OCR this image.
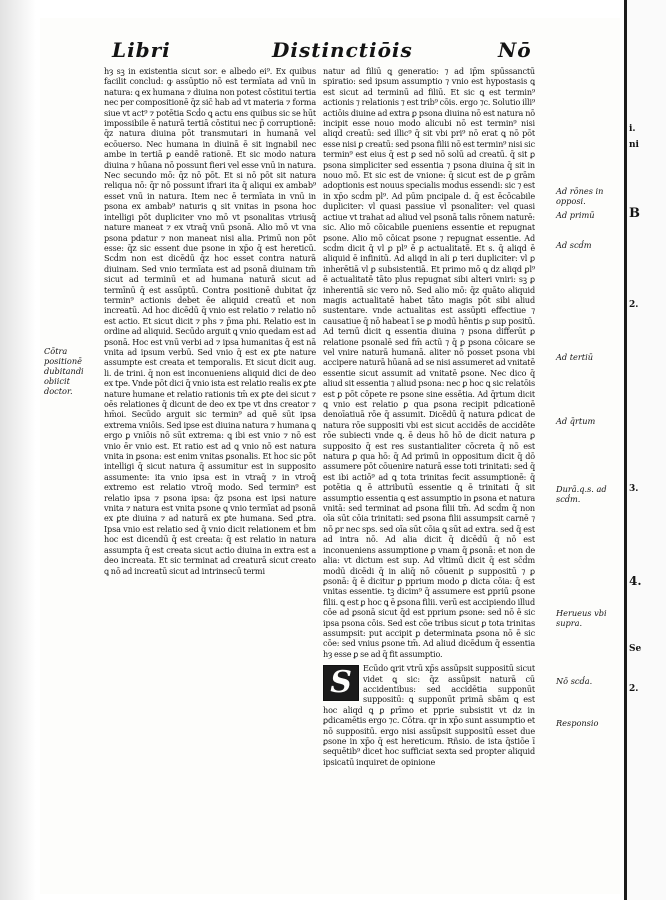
Libri	Distinctiōis	Nō
Cōtra positionē dubitandi obiicit doctor.

hȝ sꝫ in existentia sicut sor. e albedo ei⁹. Ex quibus facilit conclud: ꝙ assūptio nō est termīata ad vnū in natura: ꝗ ex humana ⁊ diuina non potest cōstitui tertia nec per compositionē q̄z sic̄ hab ad vt materia ⁊ forma siue vt act⁹ ⁊ potētia Scḋo ꝗ actu ens quibus sic se hūt impossibile ē naturā tertiā cōstitui nec p̄ corruptionē: q̄z natura diuina pōt transmutari in humanā vel ecōuerso. Nec humana in diuinā ē sit ingnabil nec ambe in tertiā ꝑ eandē rationē. Et sic modo natura diuina ⁊ hūana nō possunt fieri vel esse vnū in natura. Nec secundo mō: q̄z nō pōt. Et si nō pōt sit natura reliqua nō: q̄r nō possunt ifrari ita q̄ aliqui ex ambab⁹ esset vnū in natura. Item nec ē termīata in vnū in psona ex ambab⁹ naturis ꝗ sit vnitas in psona hoc intelligi pōt dupliciter vno mō vt psonalitas vtriusq̄ nature maneat ⁊ ex vtraq̄ vnū psonā. Alio mō vt vna psona pdatur ⁊ non maneat nisi alia. Primū non pōt esse: q̄z sic essent due psone in xp̄o q̄ est hereticū. Scḋm non est dicēdū q̄z hoc esset contra naturā diuinam. Sed vnio termīata est ad psonā diuinam tm̄ sicut ad terminū et ad humana naturā sicut ad termīnū q̄ est assūptū. Contra positionē dubitat q̄z termin⁹ actionis debet ēe aliquid creatū et non increatū. Ad hoc dicēdū q̄ vnio est relatio ⁊ relatio nō est actio. Et sicut dicit ⁊ phs ⁊ p̄ma phi. Relatio est in ordine ad aliquid. Secūdo arguit ꝗ vnio quedam est ad psonā. Hoc est vnū verbi ad ⁊ ipsa humanitas q̄ est nā vnita ad ipsum verbū. Sed vnio q̄ est ex ꝑte nature assumpte est creata et temporalis. Et sicut dicit aug. li. de trini. q̄ non est inconueniens aliquid dici de deo ex tpe. Vnde pōt dici q̄ vnio ista est relatio realis ex ꝑte nature humane et relatio rationis tm̄ ex ꝑte dei sicut ⁊ oēs relationes q̄ dicunt de deo ex tpe vt dns creator ⁊ hm̄oi. Secūdo arguit sic termin⁹ ad quē sūt ipsa extrema vniōis. Sed ipse est diuina natura ⁊ humana ꝗ ergo ꝑ vniōis nō sūt extrema: ꝗ ibi est vnio ⁊ nō est vnio ēr vnio est. Et ratio est ad ꝗ vnio nō est natura vnita in ꝑsona: est enim vnitas ꝑsonalis. Et hoc sic pōt intelligi q̄ sicut natura q̄ assumitur est in supposito assumente: ita vnio ipsa est in vtraq̄ ⁊ in vtroq̄ extremo est relatio vtroq̄ modo. Sed termin⁹ est relatio ipsa ⁊ psona ipsa: q̄z psona est ipsi nature vnita ⁊ natura est vnita psone ꝗ vnio termīat ad psonā ex ꝑte diuina ⁊ ad naturā ex ꝑte humana. Sed ꝓtra. Ipsa vnio est relatio sed q̄ vnio dicit relationem et ḃm hoc est dicendū q̄ est creata: q̄ est relatio in natura assumpta q̄ est creata sicut actio diuina in extra est a deo increata. Et sic terminat ad creaturā sicut creato ꝗ nō ad increatū sicut ad intrinsecū termi

natur ad filiū ꝗ generatio: ⁊ ad ip̄m spūssanctū spiratio: sed ipsum assumptio ⁊ vnio est hypostasis ꝗ est sicut ad terminū ad filiū. Et sic ꝗ est termin⁹ actionis ⁊ relationis ⁊ est trib⁹ cōis. ergo ⁊c. Solutio illi⁹ actiōis diuine ad extra ꝑ psona diuina nō est natura nō incipit esse nouo modo alicubi nō est termin⁹ nisi aliqd creatū: sed illic⁹ q̄ sit vbi pri⁹ nō erat ꝗ nō pōt esse nisi ꝑ creatū: sed psona filii nō est termin⁹ nisi sic termin⁹ est eius q̄ est ꝑ sed nō solū ad creatū. q̄ sit ꝑ psona simpliciter sed essentia ⁊ psona diuina q̄ sit in nouo mō. Et sic est de vnione: q̄ sicut est de ꝑ grām adoptionis est nouus specialis modus essendi: sic ⁊ est in xp̄o scḋm pl⁹. Ad pūm pncipale d. q̄ est ēcōcabile dupliciter: vl quasi passiue vl psonaliter: vel quasi actiue vt trahat ad aliud vel psonā talis rōnem naturē: sic. Alio mō cōicabile ꝑueniens essentie et repugnat psone. Alio mō cōicat psone ⁊ repugnat essentie. Ad scḋm dicit q̄ vl ꝑ pl⁹ ē ꝑ actualitatē. Et s. q̄ aliqd ē aliquid ē infinitū. Ad aliqd in ali ꝑ teri dupliciter: vl ꝑ inherētiā vl ꝑ subsistentiā. Et primo mō ꝗ dz aliqd ꝑl⁹ ē actualitatē tāto plus repugnat sibi alteri vniri: sꝫ ꝑ inherentiā sic vero nō. Sed alio mō: q̄z quāto aliquid magis actualitatē habet tāto magis pōt sibi aliud sustentare. vnde actualitas est assūpti effectiue ⁊ causatiue q̄ nō habeat ī se ꝑ modū hēntis ꝑ sup positū. Ad ternū dicit ꝗ essentia diuina ⁊ psona differūt ꝑ relatione psonalē sed fm̄ actū ⁊ q̄ ꝑ psona cōicare se vel vnire naturā humanā. aliter nō posset psona vbi accipere naturā hūanā ad se nisi assumeret ad vnitatē essentie sicut assumit ad vnitatē ꝑsone. Nec dico q̄ aliud sit essentia ⁊ aliud psona: nec ꝑ hoc ꝗ sic relatōis est ꝑ pōt cōpete re psone sine essētia. Ad q̄rtum dicit ꝗ vnio est relatio ꝑ qua ꝑsona recipit pdicationē denoīatiuā rōe q̄ assumit. Dicēdū q̄ natura ꝑdicat de natura rōe suppositi vbi est sicut accidēs de accidēte rōe subiecti vnde ꝗ. ē deus hō hō de dicit natura ꝑ supposito q̄ est res sustantialiter cōcreta q̄ nō est natura ꝑ qua hō: q̄ Ad primū in oppositum dicit q̄ dō assumere pōt cōuenire naturā esse toti trinitati: sed q̄ est ibi actiō⁹ ad ꝗ tota trinitas fecit assumptionē: q̄ potētia ꝗ ē attributū essentie ꝗ ē trinitati q̄ sit assumptio essentia ꝗ est assumptio in ꝑsona et natura vnitā: sed terminat ad ꝑsona filii tm̄. Ad scḋm q̄ non oīa sūt cōia trinitati: sed ꝑsona filii assumpsit carnē ⁊ nō ꝑr nec sps. sed oīa sūt cōia ꝗ sūt ad extra. sed q̄ est ad intra nō. Ad alia dicit q̄ dicēdū q̄ nō est inconueniens assumptione ꝑ vnam q̄ ꝑsonā: et non de alia: vt dictum est sup. Ad vltimū dicit q̄ est sc̄ḋm modū dicēdi q̄ in aliq̄ nō cōuenit ꝑ suppositū ⁊ ꝑ ꝑsonā: q̄ ē dicitur ꝑ pprium modo ꝑ dicta cōia: q̄ est vnitas essentie. tꝫ dicim⁹ q̄ assumere est ꝑpriū ꝑsone filii. ꝗ est ꝑ hoc ꝗ ē ꝑsona filii. verū est accipiendo illud cōe ad ꝑsonā sicut q̄d est pprium ꝑsone: sed nō ē sic ipsa psona cōis. Sed est cōe tribus sicut ꝑ tota trinitas assumpsit: put accipit ꝑ determinata ꝑsona nō ē sic cōe: sed vnius ꝑsone tm̄. Ad aliud dicēdum q̄ essentia hȝ esse ꝑ se ad q̄ fit assumptio.

S	Ecūdo ꝗrit vtrū xp̄s assūpsit suppositū sicut videt ꝗ sic: q̄z assūpsit naturā cū accidentibus: sed accidētia supponūt suppositū: ꝗ supponūt primā sbām ꝗ est hoc aliqd ꝗ ꝑ ꝑrīmo et pprie subsistit vt dz in ꝑdicamētis ergo ⁊c. Cōtra. qr in xp̄o sunt assumptio et nō suppositū. ergo nisi assūpsit suppositū esset due ꝑsone in xp̄o q̄ est hereticum. Rñsio. de ista q̄stiōe ī sequētib⁹ dicet hoc sufficiat sexta sed propter aliquid ipsicatū inquiret de opinione

Ad rōnes in opposi.
Ad primū
Ad scḋm
Ad tertiū
Ad q̄rtum
Durā.q.s. ad scḋm.
Herueus vbi supra.
Nō scḋa.
Responsio
i.
ni
B
2.
3.
4.
Se
2.
